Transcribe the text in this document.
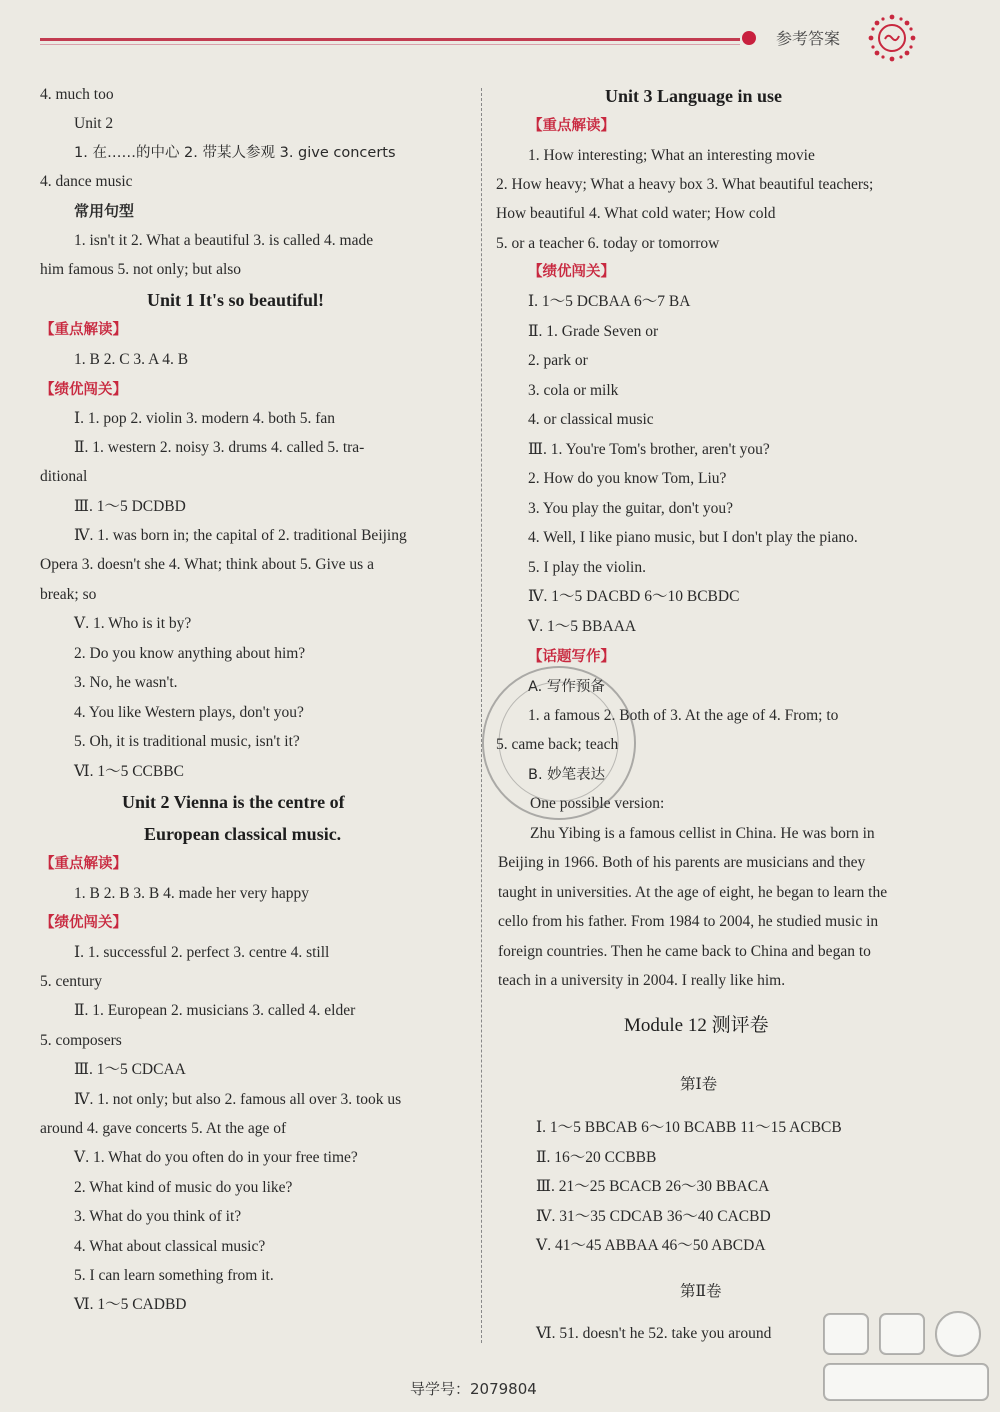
参考答案
4. much too
Unit 2
1. 在……的中心 2. 带某人参观 3. give concerts
4. dance music
常用句型
1. isn't it 2. What a beautiful 3. is called 4. made
him famous 5. not only; but also
Unit 1 It's so beautiful!
【重点解读】
1. B 2. C 3. A 4. B
【绩优闯关】
Ⅰ. 1. pop 2. violin 3. modern 4. both 5. fan
Ⅱ. 1. western 2. noisy 3. drums 4. called 5. tra-
ditional
Ⅲ. 1～5 DCDBD
Ⅳ. 1. was born in; the capital of 2. traditional Beijing
Opera 3. doesn't she 4. What; think about 5. Give us a
break; so
Ⅴ. 1. Who is it by?
2. Do you know anything about him?
3. No, he wasn't.
4. You like Western plays, don't you?
5. Oh, it is traditional music, isn't it?
Ⅵ. 1～5 CCBBC
Unit 2 Vienna is the centre of
European classical music.
【重点解读】
1. B 2. B 3. B 4. made her very happy
【绩优闯关】
Ⅰ. 1. successful 2. perfect 3. centre 4. still
5. century
Ⅱ. 1. European 2. musicians 3. called 4. elder
5. composers
Ⅲ. 1～5 CDCAA
Ⅳ. 1. not only; but also 2. famous all over 3. took us
around 4. gave concerts 5. At the age of
Ⅴ. 1. What do you often do in your free time?
2. What kind of music do you like?
3. What do you think of it?
4. What about classical music?
5. I can learn something from it.
Ⅵ. 1～5 CADBD
Unit 3 Language in use
【重点解读】
1. How interesting; What an interesting movie
2. How heavy; What a heavy box 3. What beautiful teachers;
How beautiful 4. What cold water; How cold
5. or a teacher 6. today or tomorrow
【绩优闯关】
Ⅰ. 1～5 DCBAA 6～7 BA
Ⅱ. 1. Grade Seven or
2. park or
3. cola or milk
4. or classical music
Ⅲ. 1. You're Tom's brother, aren't you?
2. How do you know Tom, Liu?
3. You play the guitar, don't you?
4. Well, I like piano music, but I don't play the piano.
5. I play the violin.
Ⅳ. 1～5 DACBD 6～10 BCBDC
Ⅴ. 1～5 BBAAA
【话题写作】
A. 写作预备
1. a famous 2. Both of 3. At the age of 4. From; to
5. came back; teach
B. 妙笔表达
One possible version:
Zhu Yibing is a famous cellist in China. He was born in
Beijing in 1966. Both of his parents are musicians and they
taught in universities. At the age of eight, he began to learn the
cello from his father. From 1984 to 2004, he studied music in
foreign countries. Then he came back to China and began to
teach in a university in 2004. I really like him.
Module 12 测评卷
第Ⅰ卷
Ⅰ. 1～5 BBCAB 6～10 BCABB 11～15 ACBCB
Ⅱ. 16～20 CCBBB
Ⅲ. 21～25 BCACB 26～30 BBACA
Ⅳ. 31～35 CDCAB 36～40 CACBD
Ⅴ. 41～45 ABBAA 46～50 ABCDA
第Ⅱ卷
Ⅵ. 51. doesn't he 52. take you around
导学号：2079804
